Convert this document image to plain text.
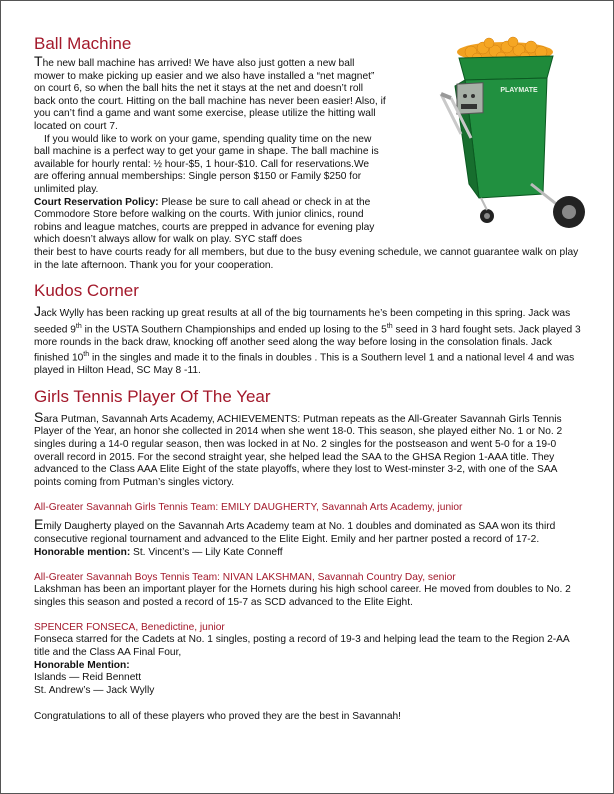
PLAYMATE
Ball Machine

The new ball machine has arrived! We have also just gotten a new ball mower to make picking up easier and we also have installed a “net magnet” on court 6, so when the ball hits the net it stays at the net and doesn’t roll back onto the court. Hitting on the ball machine has never been easier! Also, if you can’t find a game and want some exercise, please utilize the hitting wall located on court 7.

If you would like to work on your game, spending quality time on the new ball machine is a perfect way to get your game in shape. The ball machine is available for hourly rental: ½ hour-$5, 1 hour-$10. Call for reservations.We are offering annual memberships: Single person $150 or Family $250 for unlimited play.

Court Reservation Policy: Please be sure to call ahead or check in at the Commodore Store before walking on the courts. With junior clinics, round robins and league matches, courts are prepped in advance for evening play which doesn’t always allow for walk on play. SYC staff does

their best to have courts ready for all members, but due to the busy evening schedule, we cannot guarantee walk on play in the late afternoon. Thank you for your cooperation.

Kudos Corner

Jack Wylly has been racking up great results at all of the big tournaments he’s been competing in this spring. Jack was seeded 9th in the USTA Southern Championships and ended up losing to the 5th seed in 3 hard fought sets. Jack played 3 more rounds in the back draw, knocking off another seed along the way before losing in the consolation finals. Jack finished 10th in the singles and made it to the finals in doubles . This is a Southern level 1 and a national level 4 and was played in Hilton Head, SC May 8 -11.

Girls Tennis Player Of The Year

Sara Putman, Savannah Arts Academy, ACHIEVEMENTS: Putman repeats as the All-Greater Savannah Girls Tennis Player of the Year, an honor she collected in 2014 when she went 18-0. This season, she played either No. 1 or No. 2 singles during a 14-0 regular season, then was locked in at No. 2 singles for the postseason and went 5-0 for a 19-0 overall record in 2015. For the second straight year, she helped lead the SAA to the GHSA Region 1-AAA title. They advanced to the Class AAA Elite Eight of the state playoffs, where they lost to West-minster 3-2, with one of the SAA points coming from Putman’s singles victory.

All-Greater Savannah Girls Tennis Team: EMILY DAUGHERTY, Savannah Arts Academy, junior

Emily Daugherty played on the Savannah Arts Academy team at No. 1 doubles and dominated as SAA won its third consecutive regional tournament and advanced to the Elite Eight. Emily and her partner posted a record of 17-2.

Honorable mention: St. Vincent’s — Lily Kate Conneff

All-Greater Savannah Boys Tennis Team: NIVAN LAKSHMAN, Savannah Country Day, senior

Lakshman has been an important player for the Hornets during his high school career. He moved from doubles to No. 2 singles this season and posted a record of 15-7 as SCD advanced to the Elite Eight.

SPENCER FONSECA, Benedictine, junior

Fonseca starred for the Cadets at No. 1 singles, posting a record of 19-3 and helping lead the team to the Region 2-AA title and the Class AA Final Four,

Honorable Mention:

Islands — Reid Bennett

St. Andrew’s — Jack Wylly

Congratulations to all of these players who proved they are the best in Savannah!
